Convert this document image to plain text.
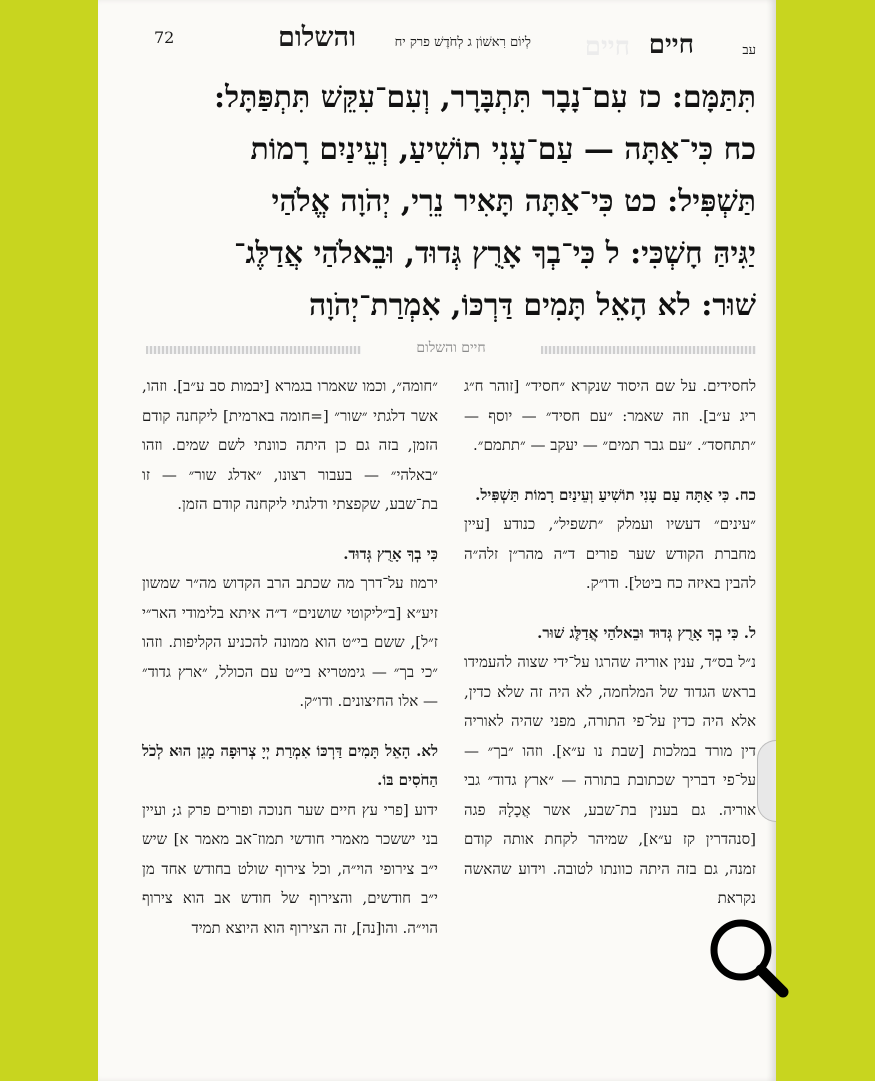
עב
חיים
חיים
לְיוֹם רִאשׁוֹן ג לְחֹדֶשׁ פרק יח
והשלום
72
תִּתַּמָּם: כז עִם־נָבָר תִּתְבָּרָר, וְעִם־עִקֵּשׁ תִּתְפַּתָּל:
כח כִּי־אַתָּה — עַם־עָנִי תוֹשִׁיעַ, וְעֵינַיִם רָמוֹת
תַּשְׁפִּיל: כט כִּי־אַתָּה תָּאִיר נֵרִי, יְהֹוָה אֱלֹהַי
יַגִּיהַּ חָשְׁכִּי: ל כִּי־בְךָ אָרֻץ גְּדוּד, וּבֵאלֹהַי אֲדַלֶּג־
שׁוּר: לא הָאֵל תָּמִים דַּרְכּוֹ, אִמְרַת־יְהֹוָה
חיים והשלום

לחסידים. על שם היסוד שנקרא ״חסיד״ [זוהר ח״ג ריג ע״ב]. וזה שאמר: ״עם חסיד״ — יוסף — ״תתחסד״. ״עם גבר תמים״ — יעקב — ״תתמם״.

כח. כִּי אַתָּה עַם עָנִי תוֹשִׁיעַ וְעֵינַיִם רָמוֹת תַּשְׁפִּיל.

״עינים״ דעשיו ועמלק ״תשפיל״, כנודע [עיין מחברת הקודש שער פורים ד״ה מהר״ן זלה״ה להבין באיזה כח ביטל]. ודו״ק.

ל. כִּי בְךָ אָרֻץ גְּדוּד וּבֵאלֹהַי אֲדַלֶּג שׁוּר.

נ״ל בס״ד, ענין אוריה שהרגו על־ידי שצוה להעמידו בראש הגדוד של המלחמה, לא היה זה שלא כדין, אלא היה כדין על־פי התורה, מפני שהיה לאוריה דין מורד במלכות [שבת נו ע״א]. וזהו ״בך״ — על־פי דבריך שכתובת בתורה — ״ארץ גדוד״ גבי אוריה. גם בענין בת־שבע, אשר אֲכָלָהּ פגה [סנהדרין קז ע״א], שמיהר לקחת אותה קודם זמנה, גם בזה היתה כוונתו לטובה. וידוע שהאשה נקראת

״חומה״, וכמו שאמרו בגמרא [יבמות סב ע״ב]. וזהו, אשר דלגתי ״שור״ [=חומה בארמית] ליקחנה קודם הזמן, בזה גם כן היתה כוונתי לשם שמים. וזהו ״באלהי״ — בעבור רצונו, ״אדלג שור״ — זו בת־שבע, שקפצתי ודלגתי ליקחנה קודם הזמן.

כִּי בְךָ אָרֻץ גְּדוּד.

ירמוז על־דרך מה שכתב הרב הקדוש מה״ר שמשון זיע״א [ב״ליקוטי שושנים״ ד״ה איתא בלימודי האר״י ז״ל], ששם בי״ט הוא ממונה להכניע הקליפות. וזהו ״כי בך״ — גימטריא בי״ט עם הכולל, ״ארץ גדוד״ — אלו החיצונים. ודו״ק.

לא. הָאֵל תָּמִים דַּרְכּוֹ אִמְרַת יְיָ צְרוּפָה מָגֵן הוּא לְכֹל הַחֹסִים בּוֹ.

ידוע [פרי עץ חיים שער חנוכה ופורים פרק ג; ועיין בני יששכר מאמרי חודשי תמוז־אב מאמר א] שיש י״ב צירופי הוי״ה, וכל צירוף שולט בחודש אחד מן י״ב חודשים, והצירוף של חודש אב הוא צירוף הוי״ה. והו[נה], זה הצירוף הוא היוצא תמיד
